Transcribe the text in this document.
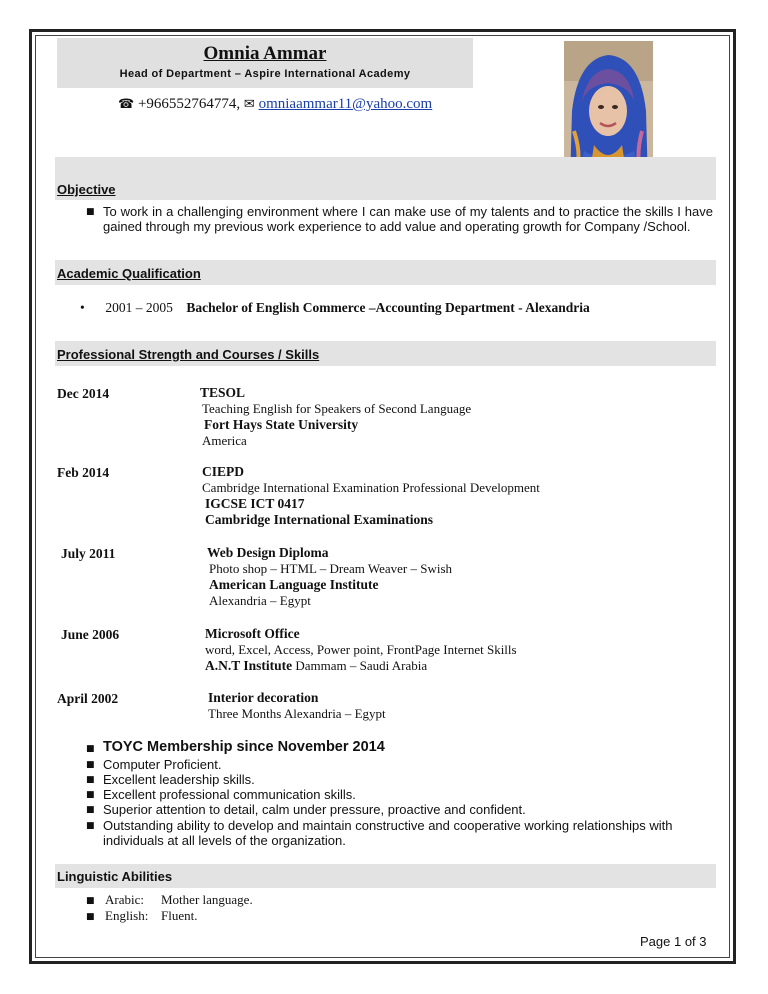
Omnia Ammar
Head of Department – Aspire International Academy
☎ +966552764774, ✉ omniaammar11@yahoo.com
Objective
■ To work in a challenging environment where I can make use of my talents and to practice the skills I have gained through my previous work experience to add value and operating growth for Company /School.
Academic Qualification
• 2001 – 2005 Bachelor of English Commerce –Accounting Department - Alexandria
Professional Strength and Courses / Skills
Dec 2014	TESOL
Teaching English for Speakers of Second Language
Fort Hays State University
America
Feb 2014	CIEPD
Cambridge International Examination Professional Development
IGCSE ICT 0417
Cambridge International Examinations
July 2011	Web Design Diploma
Photo shop – HTML – Dream Weaver – Swish
American Language Institute
Alexandria – Egypt
June 2006	Microsoft Office
word, Excel, Access, Power point, FrontPage Internet Skills
A.N.T Institute Dammam – Saudi Arabia
April 2002	Interior decoration
Three Months Alexandria – Egypt
■ TOYC Membership since November 2014
■ Computer Proficient.
■ Excellent leadership skills.
■ Excellent professional communication skills.
■ Superior attention to detail, calm under pressure, proactive and confident.
■ Outstanding ability to develop and maintain constructive and cooperative working relationships with individuals at all levels of the organization.
Linguistic Abilities
■ Arabic: Mother language.
■ English: Fluent.
Page 1 of 3
